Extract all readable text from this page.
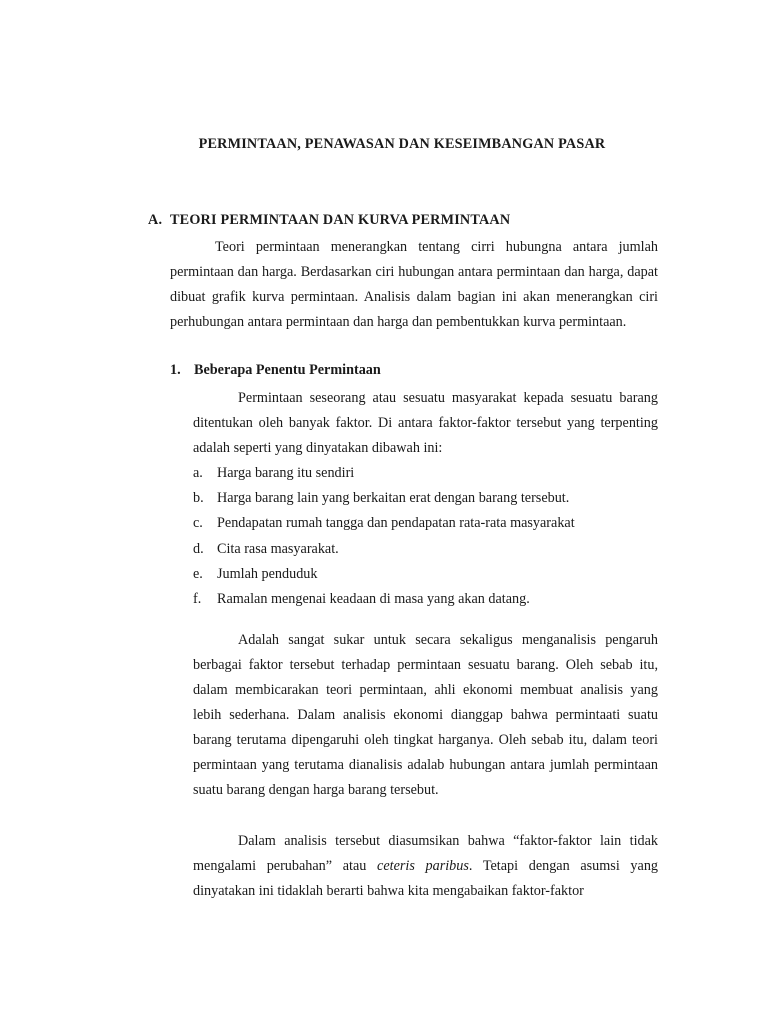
PERMINTAAN, PENAWASAN DAN KESEIMBANGAN PASAR
A. TEORI PERMINTAAN DAN KURVA PERMINTAAN

Teori permintaan menerangkan tentang cirri hubungna antara jumlah permintaan dan harga. Berdasarkan ciri hubungan antara permintaan dan harga, dapat dibuat grafik kurva permintaan. Analisis dalam bagian ini akan menerangkan ciri perhubungan antara permintaan dan harga dan pembentukkan kurva permintaan.

1. Beberapa Penentu Permintaan

Permintaan seseorang atau sesuatu masyarakat kepada sesuatu barang ditentukan oleh banyak faktor. Di antara faktor-faktor tersebut yang terpenting adalah seperti yang dinyatakan dibawah ini:

a. Harga barang itu sendiri
b. Harga barang lain yang berkaitan erat dengan barang tersebut.
c. Pendapatan rumah tangga dan pendapatan rata-rata masyarakat
d. Cita rasa masyarakat.
e. Jumlah penduduk
f. Ramalan mengenai keadaan di masa yang akan datang.

Adalah sangat sukar untuk secara sekaligus menganalisis pengaruh berbagai faktor tersebut terhadap permintaan sesuatu barang. Oleh sebab itu, dalam membicarakan teori permintaan, ahli ekonomi membuat analisis yang lebih sederhana. Dalam analisis ekonomi dianggap bahwa permintaati suatu barang terutama dipengaruhi oleh tingkat harganya. Oleh sebab itu, dalam teori permintaan yang terutama dianalisis adalab hubungan antara jumlah permintaan suatu barang dengan harga barang tersebut.

Dalam analisis tersebut diasumsikan bahwa “faktor-faktor lain tidak mengalami perubahan” atau ceteris paribus. Tetapi dengan asumsi yang dinyatakan ini tidaklah berarti bahwa kita mengabaikan faktor-faktor
